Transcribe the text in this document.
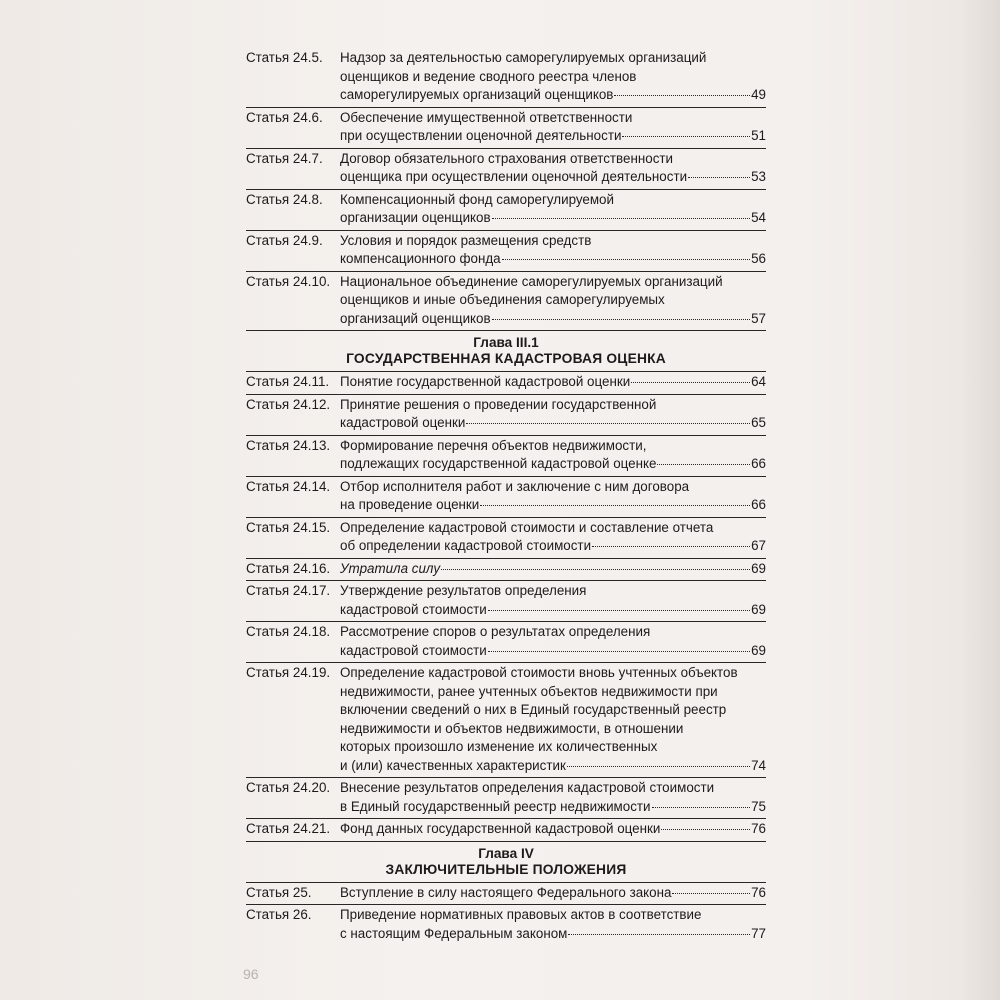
Статья 24.5.	Надзор за деятельностью саморегулируемых организаций
оценщиков и ведение сводного реестра членов
саморегулируемых организаций оценщиков	49
Статья 24.6.	Обеспечение имущественной ответственности
при осуществлении оценочной деятельности	51
Статья 24.7.	Договор обязательного страхования ответственности
оценщика при осуществлении оценочной деятельности	53
Статья 24.8.	Компенсационный фонд саморегулируемой
организации оценщиков	54
Статья 24.9.	Условия и порядок размещения средств
компенсационного фонда	56
Статья 24.10. Национальное объединение саморегулируемых организаций
оценщиков и иные объединения саморегулируемых
организаций оценщиков	57
Глава III.1
ГОСУДАРСТВЕННАЯ КАДАСТРОВАЯ ОЦЕНКА
Статья 24.11. Понятие государственной кадастровой оценки	64
Статья 24.12. Принятие решения о проведении государственной
кадастровой оценки	65
Статья 24.13. Формирование перечня объектов недвижимости,
подлежащих государственной кадастровой оценке	66
Статья 24.14. Отбор исполнителя работ и заключение с ним договора
на проведение оценки	66
Статья 24.15. Определение кадастровой стоимости и составление отчета
об определении кадастровой стоимости	67
Статья 24.16. Утратила силу	69
Статья 24.17. Утверждение результатов определения
кадастровой стоимости	69
Статья 24.18. Рассмотрение споров о результатах определения
кадастровой стоимости	69
Статья 24.19. Определение кадастровой стоимости вновь учтенных объектов
недвижимости, ранее учтенных объектов недвижимости при
включении сведений о них в Единый государственный реестр
недвижимости и объектов недвижимости, в отношении
которых произошло изменение их количественных
и (или) качественных характеристик	74
Статья 24.20. Внесение результатов определения кадастровой стоимости
в Единый государственный реестр недвижимости	75
Статья 24.21. Фонд данных государственной кадастровой оценки	76
Глава IV
ЗАКЛЮЧИТЕЛЬНЫЕ ПОЛОЖЕНИЯ
Статья 25.	Вступление в силу настоящего Федерального закона	76
Статья 26.	Приведение нормативных правовых актов в соответствие
с настоящим Федеральным законом	77
96
